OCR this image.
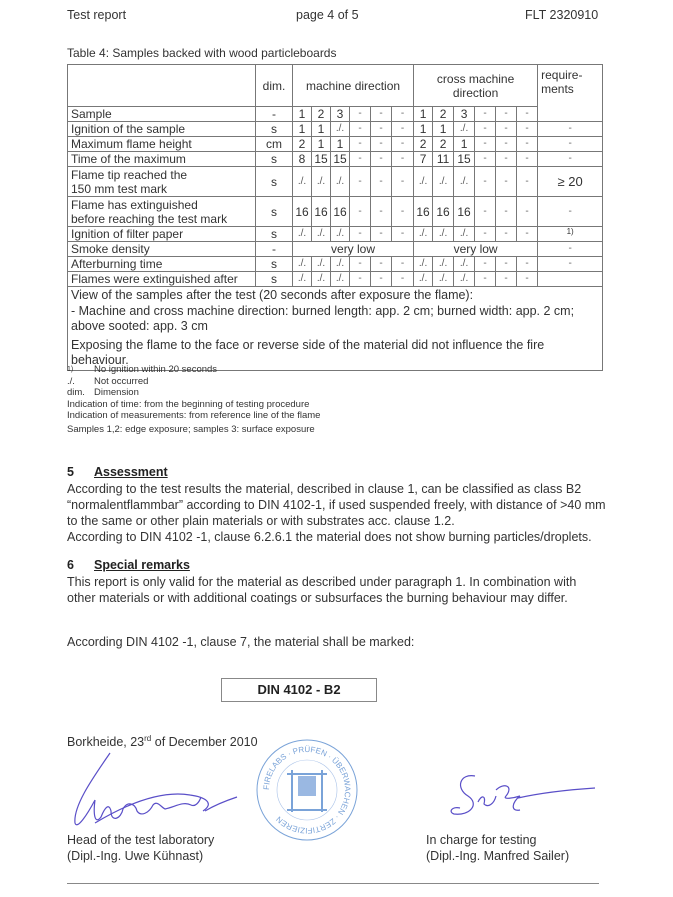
Test report	page 4 of 5	FLT 2320910
Table 4: Samples backed with wood particleboards
	dim.	machine direction						cross machine
direction						require-
ments
Sample	-	1	2	3	-	-	-	1	2	3	-	-	-	
Ignition of the sample	s	1	1	./.	-	-	-	1	1	./.	-	-	-	-
Maximum flame height	cm	2	1	1	-	-	-	2	2	1	-	-	-	-
Time of the maximum	s	8	15	15	-	-	-	7	11	15	-	-	-	-
Flame tip reached the
150 mm test mark	s	./.	./.	./.	-	-	-	./.	./.	./.	-	-	-	≥ 20
Flame has extinguished
before reaching the test mark	s	16	16	16	-	-	-	16	16	16	-	-	-	-
Ignition of filter paper	s	./.	./.	./.	-	-	-	./.	./.	./.	-	-	-	1)
Smoke density	-	very low						very low						-
Afterburning time	s	./.	./.	./.	-	-	-	./.	./.	./.	-	-	-	-
Flames were extinguished after	s	./.	./.	./.	-	-	-	./.	./.	./.	-	-	-	

View of the samples after the test (20 seconds after exposure the flame):
- Machine and cross machine direction: burned length: app. 2 cm; burned width: app. 2 cm; above sooted: app. 3 cm
Exposing the flame to the face or reverse side of the material did not influence the fire behaviour.														
1) No ignition within 20 seconds
./. Not occurred
dim. Dimension
Indication of time: from the beginning of testing procedure
Indication of measurements: from reference line of the flame
Samples 1,2: edge exposure; samples 3: surface exposure
5 Assessment
According to the test results the material, described in clause 1, can be classified as class B2 “normalentflammbar” according to DIN 4102-1, if used suspended freely, with distance of >40 mm to the same or other plain materials or with substrates acc. clause 1.2.
According to DIN 4102 -1, clause 6.2.6.1 the material does not show burning particles/droplets.
6 Special remarks
This report is only valid for the material as described under paragraph 1. In combination with other materials or with additional coatings or subsurfaces the burning behaviour may differ.
According DIN 4102 -1, clause 7, the material shall be marked:
DIN 4102 - B2
Borkheide, 23rd of December 2010
Head of the test laboratory
(Dipl.-Ing. Uwe Kühnast)
FIRELABS · PRÜFEN · ÜBERWACHEN · ZERTIFIZIEREN
In charge for testing
(Dipl.-Ing. Manfred Sailer)
